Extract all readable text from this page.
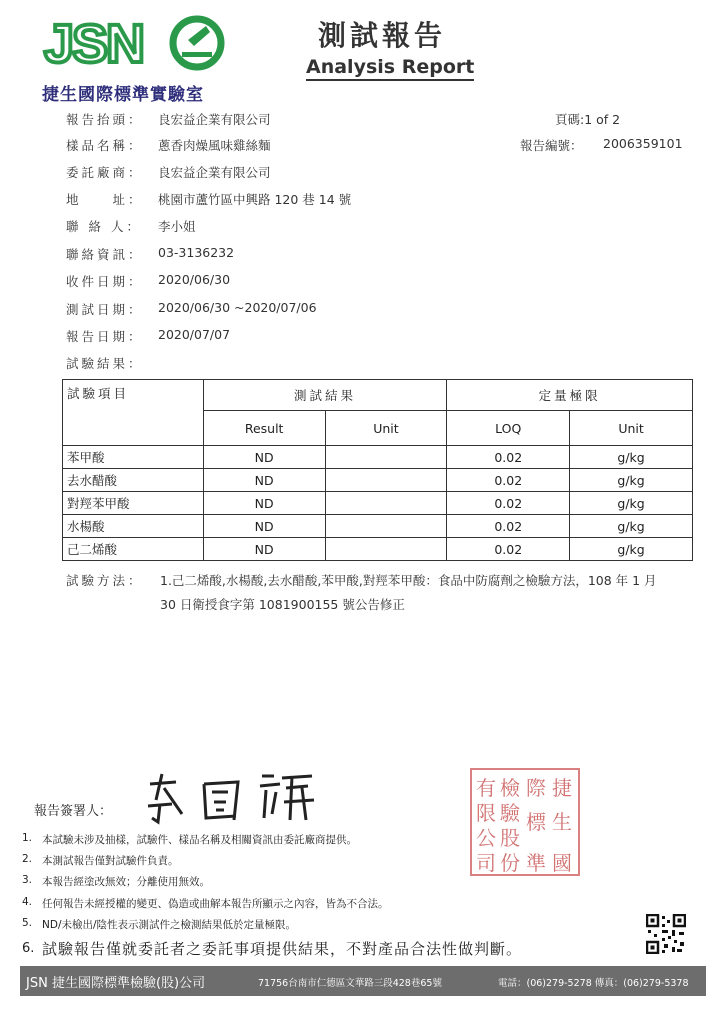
JSN
捷生國際標準實驗室
測試報告
Analysis Report
頁碼:1 of 2
報告編號： 2006359101
報告抬頭： 良宏益企業有限公司
樣品名稱： 蔥香肉燥風味雞絲麵
委託廠商： 良宏益企業有限公司
地　　址： 桃園市蘆竹區中興路 120 巷 14 號
聯 絡 人： 李小姐
聯絡資訊： 03-3136232
收件日期： 2020/06/30
測試日期： 2020/06/30 ~2020/07/06
報告日期： 2020/07/07
試驗結果：
試驗項目	測試結果		定量極限	
	Result	Unit	LOQ	Unit
苯甲酸	ND		0.02	g/kg
去水醋酸	ND		0.02	g/kg
對羥苯甲酸	ND		0.02	g/kg
水楊酸	ND		0.02	g/kg
己二烯酸	ND		0.02	g/kg
試驗方法： 1.己二烯酸,水楊酸,去水醋酸,苯甲酸,對羥苯甲酸：食品中防腐劑之檢驗方法，108 年 1 月
30 日衛授食字第 1081900155 號公告修正
報告簽署人：
有 檢 際 捷
限 驗 標 生
公 股
司 份 準 國
1. 本試驗未涉及抽樣，試驗件、樣品名稱及相關資訊由委託廠商提供。
2. 本測試報告僅對試驗件負責。
3. 本報告經塗改無效；分離使用無效。
4. 任何報告未經授權的變更、偽造或曲解本報告所顯示之內容，皆為不合法。
5. ND/未檢出/陰性表示測試件之檢測結果低於定量極限。
6. 試驗報告僅就委託者之委託事項提供結果，不對產品合法性做判斷。
JSN 捷生國際標準檢驗(股)公司	71756台南市仁德區文華路三段428巷65號	電話：(06)279-5278 傳真：(06)279-5378
